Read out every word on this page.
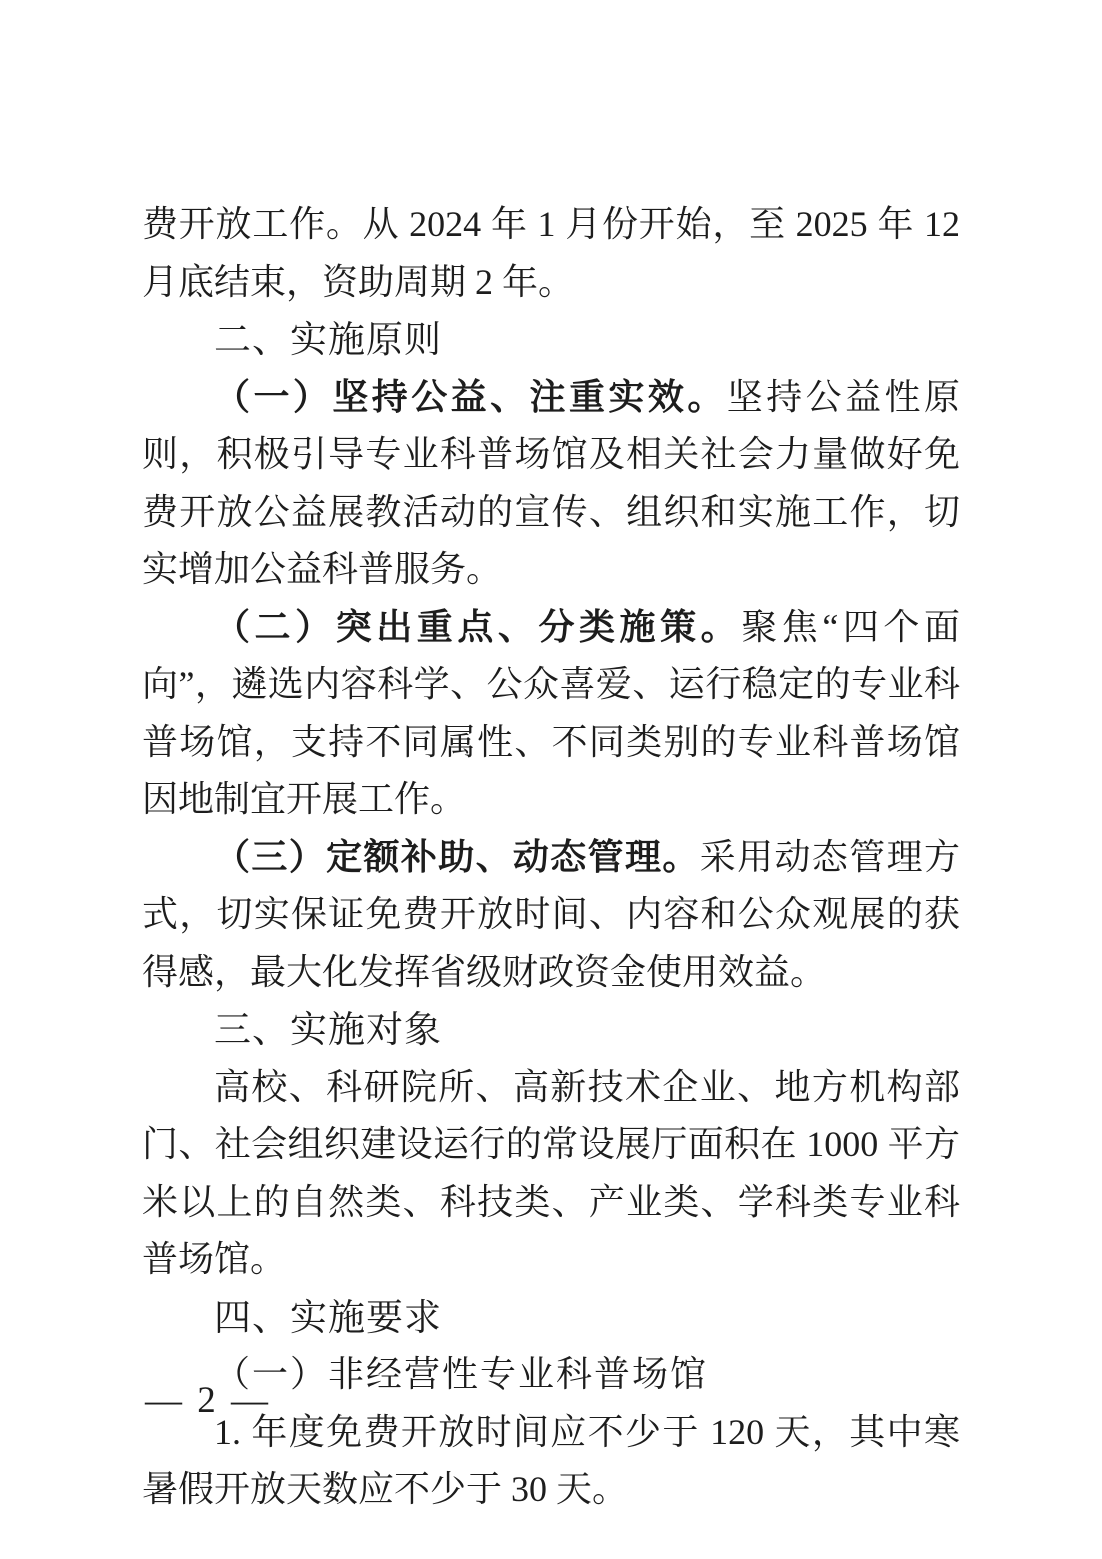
费开放工作。从 2024 年 1 月份开始，至 2025 年 12 月底结束，资助周期 2 年。

二、实施原则

（一）坚持公益、注重实效。坚持公益性原则，积极引导专业科普场馆及相关社会力量做好免费开放公益展教活动的宣传、组织和实施工作，切实增加公益科普服务。

（二）突出重点、分类施策。聚焦“四个面向”，遴选内容科学、公众喜爱、运行稳定的专业科普场馆，支持不同属性、不同类别的专业科普场馆因地制宜开展工作。

（三）定额补助、动态管理。采用动态管理方式，切实保证免费开放时间、内容和公众观展的获得感，最大化发挥省级财政资金使用效益。

三、实施对象

高校、科研院所、高新技术企业、地方机构部门、社会组织建设运行的常设展厅面积在 1000 平方米以上的自然类、科技类、产业类、学科类专业科普场馆。

四、实施要求
（一）非经营性专业科普场馆

1. 年度免费开放时间应不少于 120 天，其中寒暑假开放天数应不少于 30 天。

— 2 —
